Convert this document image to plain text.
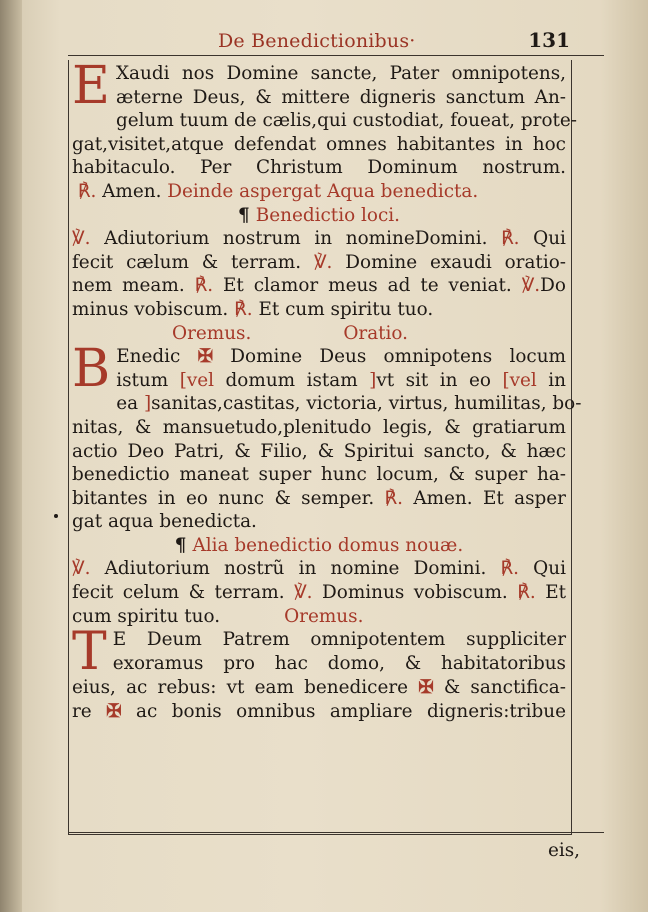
De Benedictionibus·	131
E Xaudi nos Domine sancte, Pater omnipotens,
æterne Deus, & mittere digneris sanctum An-
gelum tuum de cælis,qui custodiat, foueat, prote-
gat,visitet,atque defendat omnes habitantes in hoc
habitaculo. Per Christum Dominum nostrum.
℟. Amen. Deinde aspergat Aqua benedicta.
¶ Benedictio loci.
℣. Adiutorium nostrum in nomineDomini. ℟. Qui
fecit cælum & terram. ℣. Domine exaudi oratio-
nem meam. ℟. Et clamor meus ad te veniat. ℣.Do
minus vobiscum. ℟. Et cum spiritu tuo.
Oremus.	Oratio.
B Enedic ✠ Domine Deus omnipotens locum
istum [vel domum istam ]vt sit in eo [vel in
ea ]sanitas,castitas, victoria, virtus, humilitas, bo-
nitas, & mansuetudo,plenitudo legis, & gratiarum
actio Deo Patri, & Filio, & Spiritui sancto, & hæc
benedictio maneat super hunc locum, & super ha-
bitantes in eo nunc & semper. ℟. Amen. Et asper
gat aqua benedicta.
¶ Alia benedictio domus nouæ.
℣. Adiutorium nostrũ in nomine Domini. ℟. Qui
fecit celum & terram. ℣. Dominus vobiscum. ℟. Et
cum spiritu tuo.	Oremus.
T E Deum Patrem omnipotentem suppliciter
exoramus pro hac domo, & habitatoribus
eius, ac rebus: vt eam benedicere ✠ & sanctifica-
re ✠ ac bonis omnibus ampliare digneris:tribue
eis,
